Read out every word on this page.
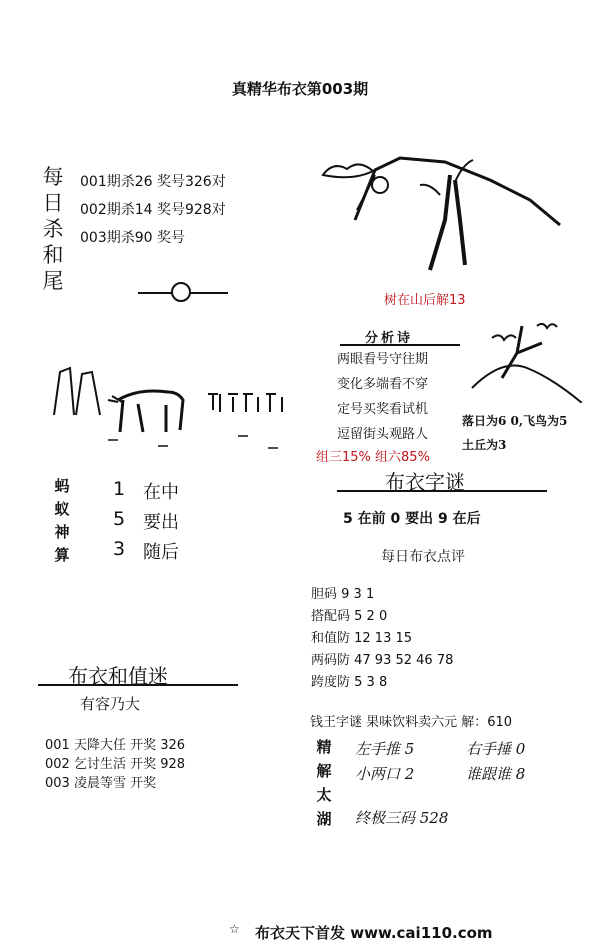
真精华布衣第003期
每
日
杀
和
尾
001期杀26 奖号326对
002期杀14 奖号928对
003期杀90 奖号
树在山后解13
分析诗
两眼看号守往期
变化多端看不穿
定号买奖看试机
逗留街头观路人
组三15% 组六85%
落日为6 0,飞鸟为5
土丘为3
蚂
蚁
神
算
1 在中
5 要出
3 随后
布衣字谜
5 在前 0 要出 9 在后
每日布衣点评
胆码 9 3 1
搭配码 5 2 0
和值防 12 13 15
两码防 47 93 52 46 78
跨度防 5 3 8
布衣和值迷
有容乃大
001 天降大任 开奖 326
002 乞讨生活 开奖 928
003 凌晨等雪 开奖
钱王字谜 果味饮料卖六元 解：610
精
解
太
湖
左手推 5	右手捶 0
小两口 2	谁跟谁 8
终极三码 528
☆ 布衣天下首发 www.cai110.com
